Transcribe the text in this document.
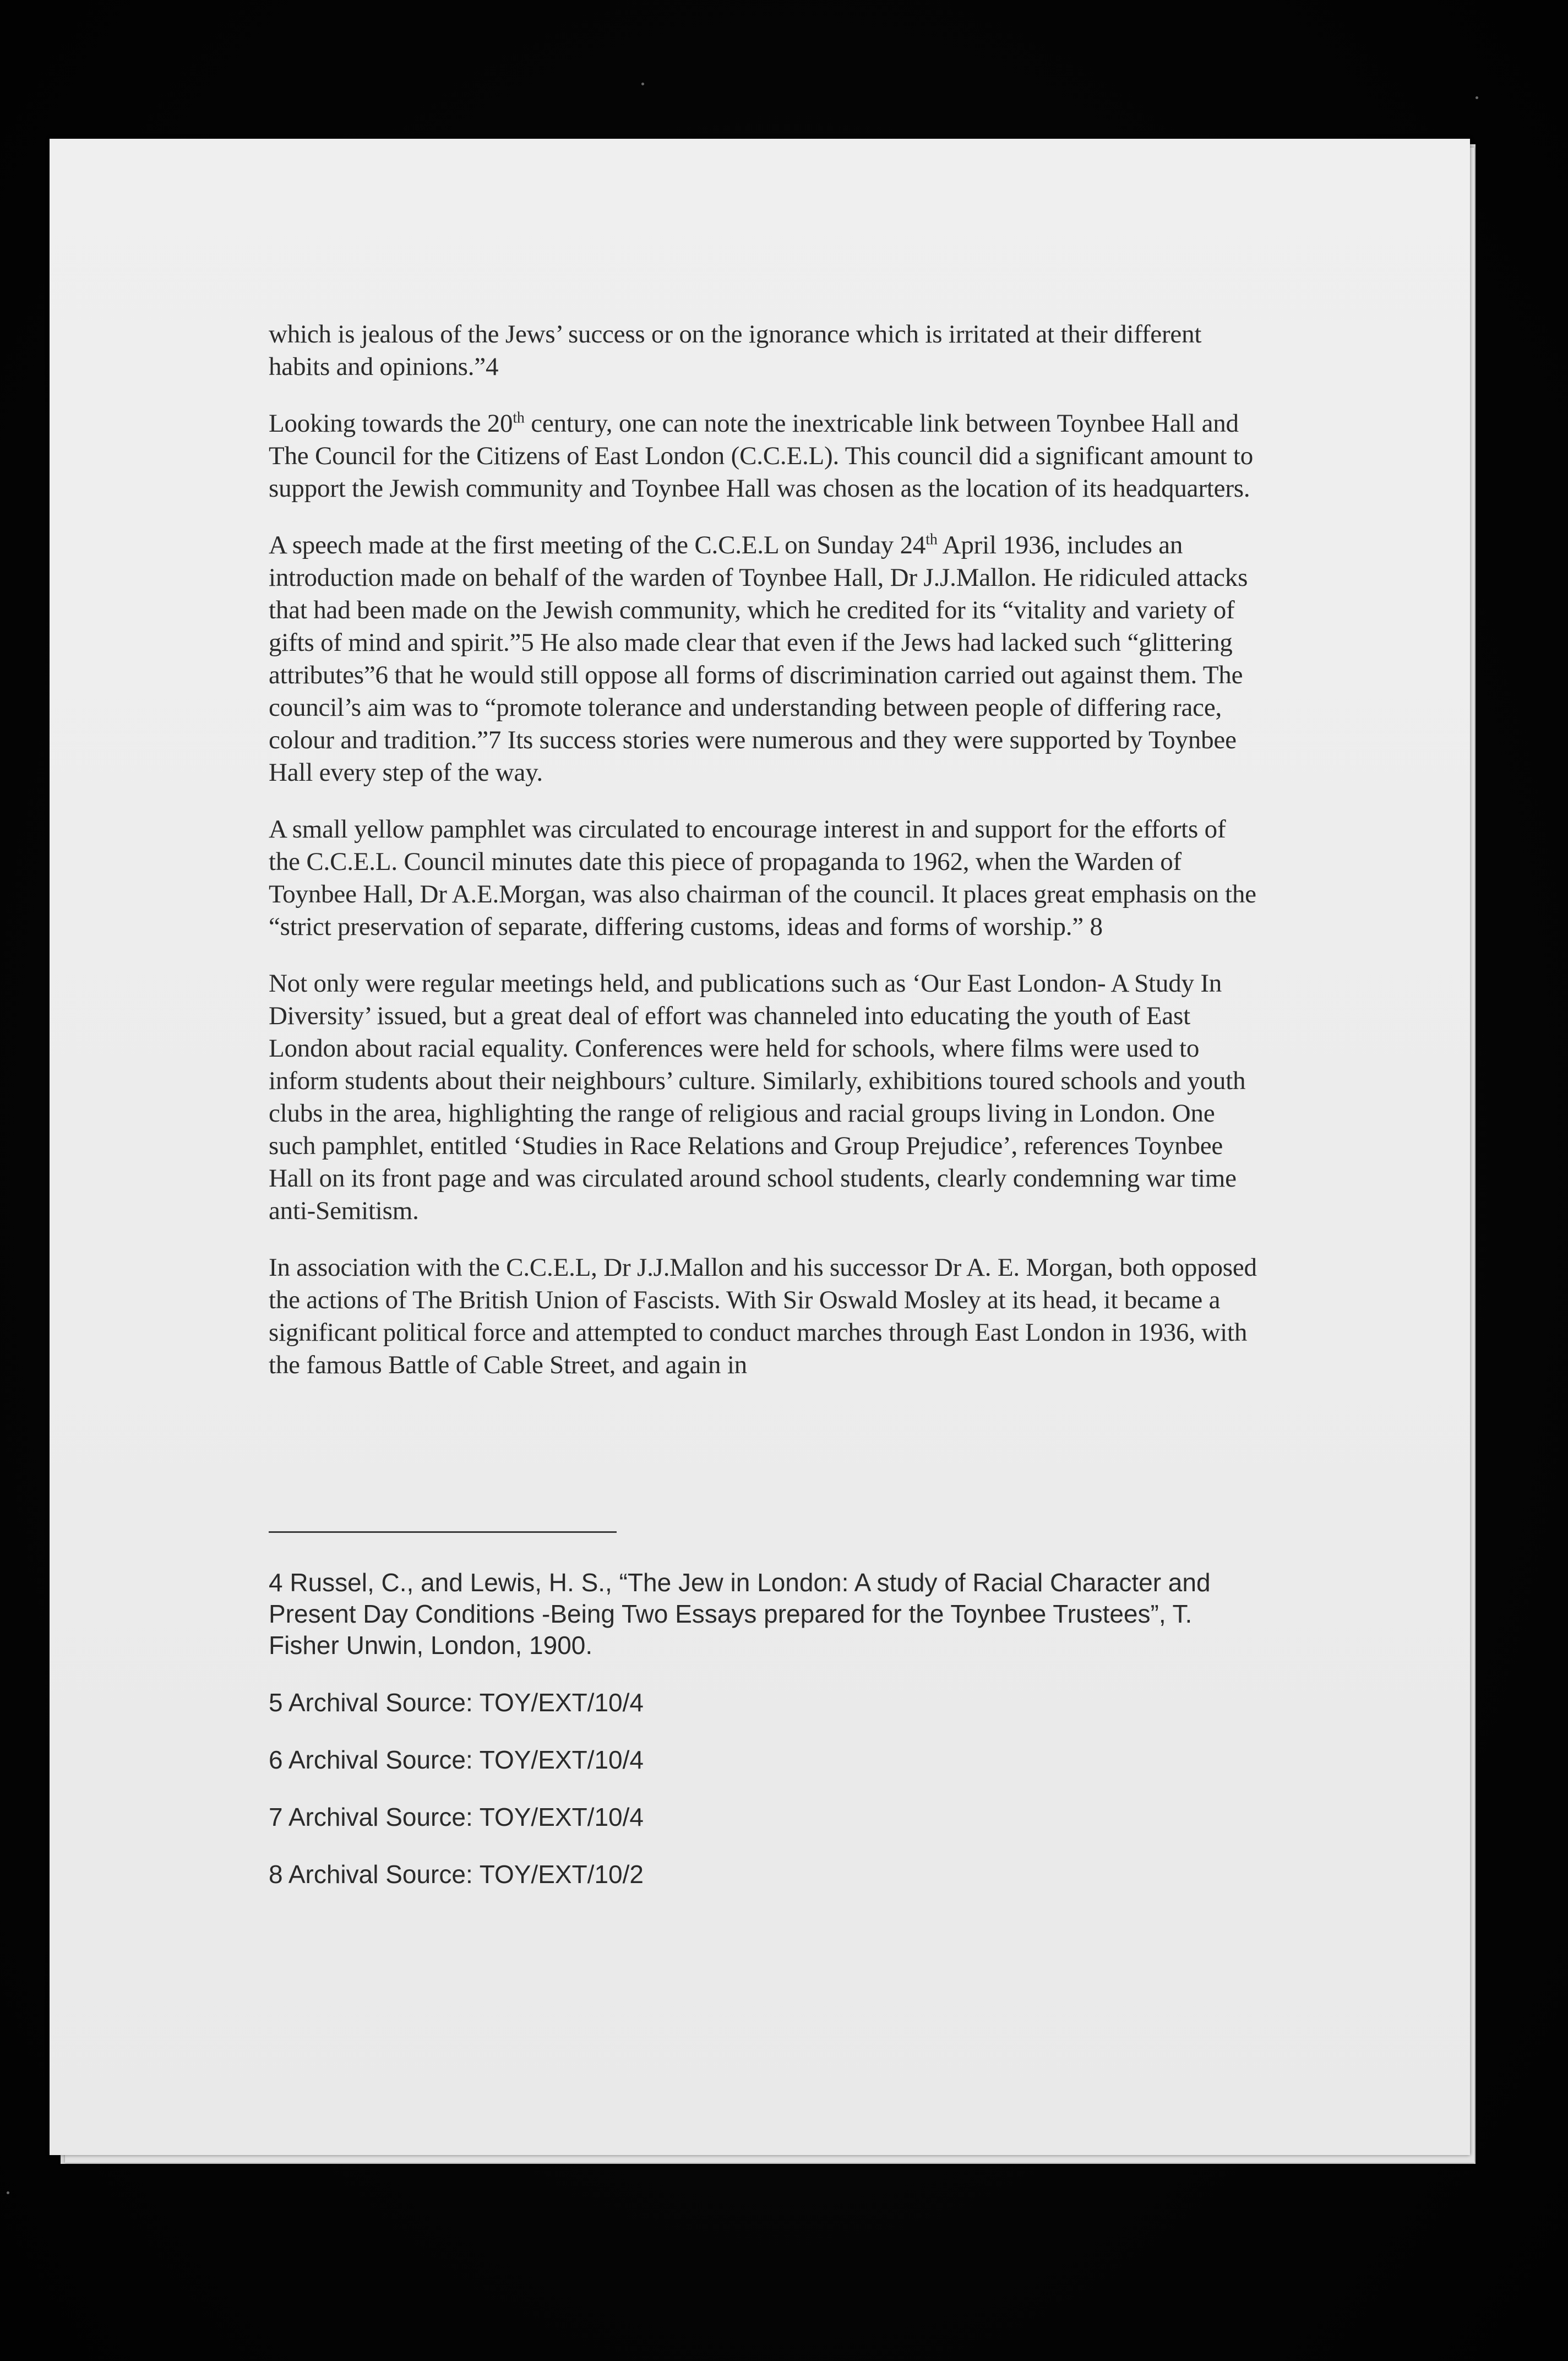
which is jealous of the Jews’ success or on the ignorance which is irritated at their different habits and opinions.”4

Looking towards the 20th century, one can note the inextricable link between Toynbee Hall and The Council for the Citizens of East London (C.C.E.L). This council did a significant amount to support the Jewish community and Toynbee Hall was chosen as the location of its headquarters.

A speech made at the first meeting of the C.C.E.L on Sunday 24th April 1936, includes an introduction made on behalf of the warden of Toynbee Hall, Dr J.J.Mallon. He ridiculed attacks that had been made on the Jewish community, which he credited for its “vitality and variety of gifts of mind and spirit.”5 He also made clear that even if the Jews had lacked such “glittering attributes”6 that he would still oppose all forms of discrimination carried out against them. The council’s aim was to “promote tolerance and understanding between people of differing race, colour and tradition.”7 Its success stories were numerous and they were supported by Toynbee Hall every step of the way.

A small yellow pamphlet was circulated to encourage interest in and support for the efforts of the C.C.E.L. Council minutes date this piece of propaganda to 1962, when the Warden of Toynbee Hall, Dr A.E.Morgan, was also chairman of the council. It places great emphasis on the “strict preservation of separate, differing customs, ideas and forms of worship.” 8

Not only were regular meetings held, and publications such as ‘Our East London- A Study In Diversity’ issued, but a great deal of effort was channeled into educating the youth of East London about racial equality. Conferences were held for schools, where films were used to inform students about their neighbours’ culture. Similarly, exhibitions toured schools and youth clubs in the area, highlighting the range of religious and racial groups living in London. One such pamphlet, entitled ‘Studies in Race Relations and Group Prejudice’, references Toynbee Hall on its front page and was circulated around school students, clearly condemning war time anti-Semitism.

In association with the C.C.E.L, Dr J.J.Mallon and his successor Dr A. E. Morgan, both opposed the actions of The British Union of Fascists. With Sir Oswald Mosley at its head, it became a significant political force and attempted to conduct marches through East London in 1936, with the famous Battle of Cable Street, and again in

4 Russel, C., and Lewis, H. S., “The Jew in London: A study of Racial Character and Present Day Conditions -Being Two Essays prepared for the Toynbee Trustees”, T. Fisher Unwin, London, 1900.

5 Archival Source: TOY/EXT/10/4

6 Archival Source: TOY/EXT/10/4

7 Archival Source: TOY/EXT/10/4

8 Archival Source: TOY/EXT/10/2
